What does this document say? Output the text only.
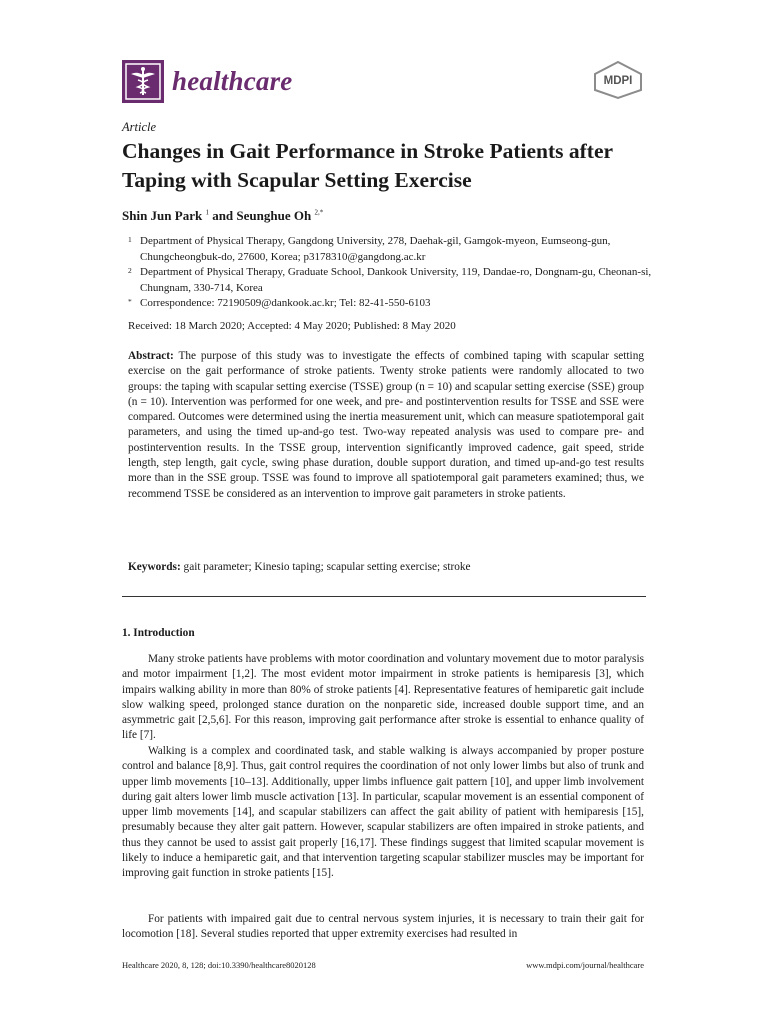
healthcare	MDPI
Article
Changes in Gait Performance in Stroke Patients after Taping with Scapular Setting Exercise
Shin Jun Park $^1$ and Seunghue Oh $^{2,*}$
1 Department of Physical Therapy, Gangdong University, 278, Daehak-gil, Gamgok-myeon, Eumseong-gun, Chungcheongbuk-do, 27600, Korea; p3178310@gangdong.ac.kr
2 Department of Physical Therapy, Graduate School, Dankook University, 119, Dandae-ro, Dongnam-gu, Cheonan-si, Chungnam, 330-714, Korea
* Correspondence: 72190509@dankook.ac.kr; Tel: 82-41-550-6103
Received: 18 March 2020; Accepted: 4 May 2020; Published: 8 May 2020
Abstract: The purpose of this study was to investigate the effects of combined taping with scapular setting exercise on the gait performance of stroke patients. Twenty stroke patients were randomly allocated to two groups: the taping with scapular setting exercise (TSSE) group (n = 10) and scapular setting exercise (SSE) group (n = 10). Intervention was performed for one week, and pre- and postintervention results for TSSE and SSE were compared. Outcomes were determined using the inertia measurement unit, which can measure spatiotemporal gait parameters, and using the timed up-and-go test. Two-way repeated analysis was used to compare pre- and postintervention results. In the TSSE group, intervention significantly improved cadence, gait speed, stride length, step length, gait cycle, swing phase duration, double support duration, and timed up-and-go test results more than in the SSE group. TSSE was found to improve all spatiotemporal gait parameters examined; thus, we recommend TSSE be considered as an intervention to improve gait parameters in stroke patients.
Keywords: gait parameter; Kinesio taping; scapular setting exercise; stroke
1. Introduction
Many stroke patients have problems with motor coordination and voluntary movement due to motor paralysis and motor impairment [1,2]. The most evident motor impairment in stroke patients is hemiparesis [3], which impairs walking ability in more than 80% of stroke patients [4]. Representative features of hemiparetic gait include slow walking speed, prolonged stance duration on the nonparetic side, increased double support time, and an asymmetric gait [2,5,6]. For this reason, improving gait performance after stroke is essential to enhance quality of life [7].
Walking is a complex and coordinated task, and stable walking is always accompanied by proper posture control and balance [8,9]. Thus, gait control requires the coordination of not only lower limbs but also of trunk and upper limb movements [10–13]. Additionally, upper limbs influence gait pattern [10], and upper limb involvement during gait alters lower limb muscle activation [13]. In particular, scapular movement is an essential component of upper limb movements [14], and scapular stabilizers can affect the gait ability of patient with hemiparesis [15], presumably because they alter gait pattern. However, scapular stabilizers are often impaired in stroke patients, and thus they cannot be used to assist gait properly [16,17]. These findings suggest that limited scapular movement is likely to induce a hemiparetic gait, and that intervention targeting scapular stabilizer muscles may be important for improving gait function in stroke patients [15].
For patients with impaired gait due to central nervous system injuries, it is necessary to train their gait for locomotion [18]. Several studies reported that upper extremity exercises had resulted in
Healthcare 2020, 8, 128; doi:10.3390/healthcare8020128	www.mdpi.com/journal/healthcare
